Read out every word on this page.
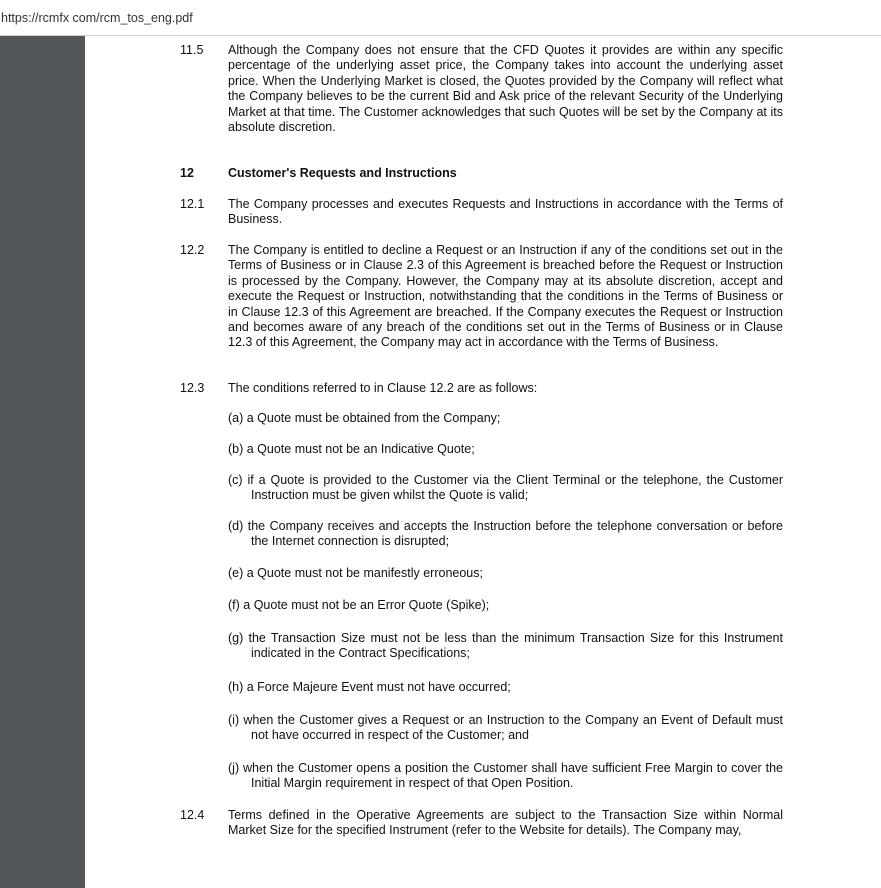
https://rcmfx com/rcm_tos_eng.pdf
11.5 Although the Company does not ensure that the CFD Quotes it provides are within any specific percentage of the underlying asset price, the Company takes into account the underlying asset price. When the Underlying Market is closed, the Quotes provided by the Company will reflect what the Company believes to be the current Bid and Ask price of the relevant Security of the Underlying Market at that time. The Customer acknowledges that such Quotes will be set by the Company at its absolute discretion.
12	Customer's Requests and Instructions
12.1 The Company processes and executes Requests and Instructions in accordance with the Terms of Business.
12.2 The Company is entitled to decline a Request or an Instruction if any of the conditions set out in the Terms of Business or in Clause 2.3 of this Agreement is breached before the Request or Instruction is processed by the Company. However, the Company may at its absolute discretion, accept and execute the Request or Instruction, notwithstanding that the conditions in the Terms of Business or in Clause 12.3 of this Agreement are breached. If the Company executes the Request or Instruction and becomes aware of any breach of the conditions set out in the Terms of Business or in Clause 12.3 of this Agreement, the Company may act in accordance with the Terms of Business.
12.3 The conditions referred to in Clause 12.2 are as follows:
(a) a Quote must be obtained from the Company;
(b) a Quote must not be an Indicative Quote;
(c) if a Quote is provided to the Customer via the Client Terminal or the telephone, the Customer Instruction must be given whilst the Quote is valid;
(d) the Company receives and accepts the Instruction before the telephone conversation or before the Internet connection is disrupted;
(e) a Quote must not be manifestly erroneous;
(f) a Quote must not be an Error Quote (Spike);
(g) the Transaction Size must not be less than the minimum Transaction Size for this Instrument indicated in the Contract Specifications;
(h) a Force Majeure Event must not have occurred;
(i) when the Customer gives a Request or an Instruction to the Company an Event of Default must not have occurred in respect of the Customer; and
(j) when the Customer opens a position the Customer shall have sufficient Free Margin to cover the Initial Margin requirement in respect of that Open Position.
12.4 Terms defined in the Operative Agreements are subject to the Transaction Size within Normal Market Size for the specified Instrument (refer to the Website for details). The Company may,
